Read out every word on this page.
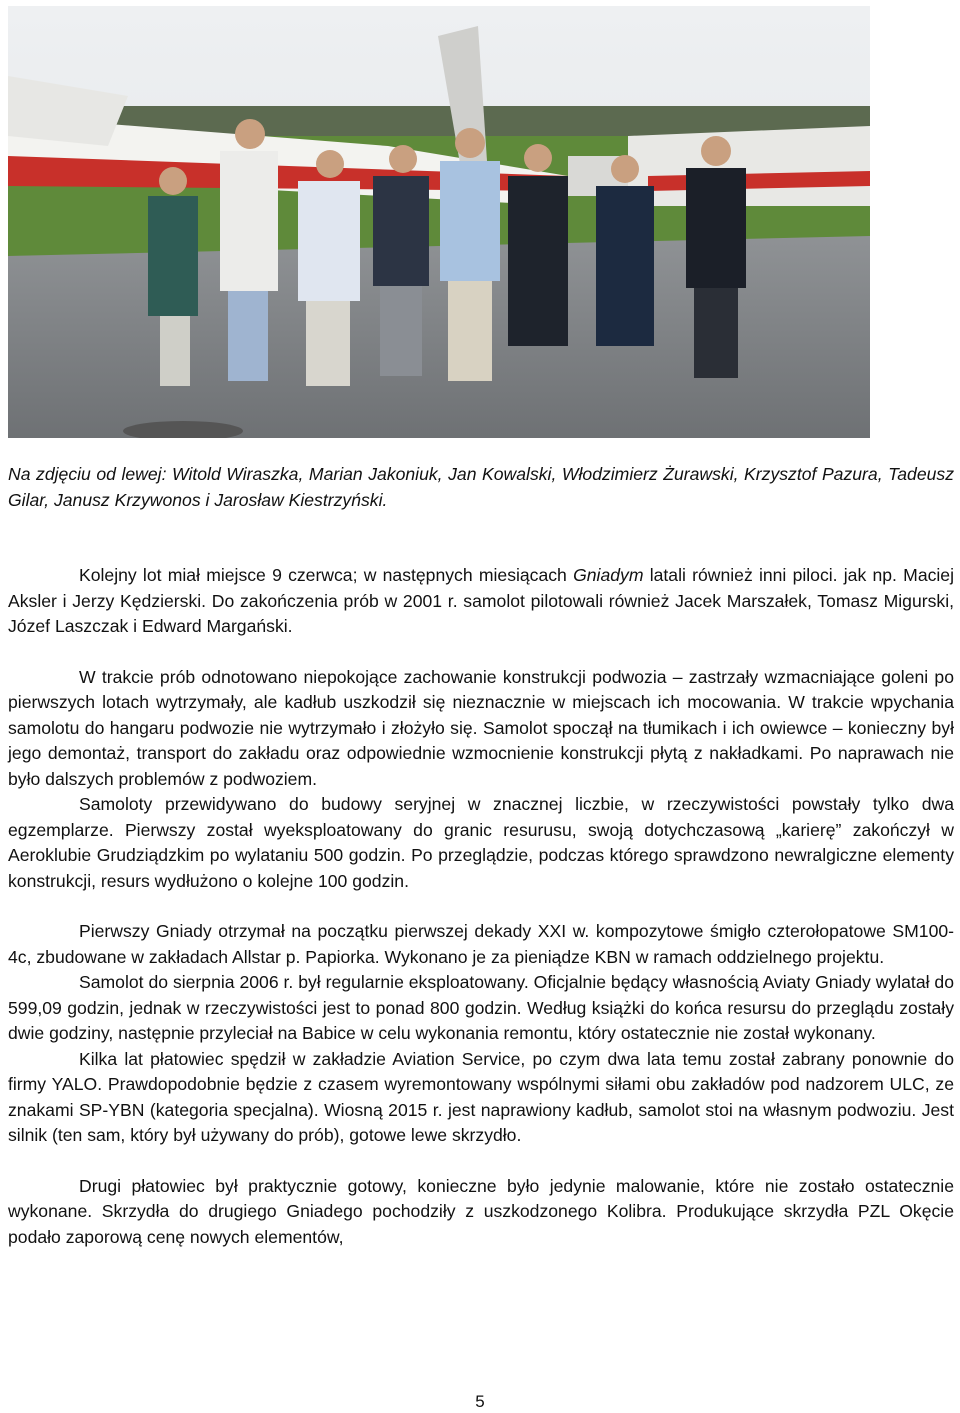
Na zdjęciu od lewej: Witold Wiraszka, Marian Jakoniuk, Jan Kowalski, Włodzimierz Żurawski, Krzysztof Pazura, Tadeusz Gilar, Janusz Krzywonos i Jarosław Kiestrzyński.

Kolejny lot miał miejsce 9 czerwca; w następnych miesiącach Gniadym latali również inni piloci. jak np. Maciej Aksler i Jerzy Kędzierski. Do zakończenia prób w 2001 r. samolot pilotowali również Jacek Marszałek, Tomasz Migurski, Józef Laszczak i Edward Margański.

W trakcie prób odnotowano niepokojące zachowanie konstrukcji podwozia – zastrzały wzmacniające goleni po pierwszych lotach wytrzymały, ale kadłub uszkodził się nieznacznie w miejscach ich mocowania. W trakcie wpychania samolotu do hangaru podwozie nie wytrzymało i złożyło się. Samolot spoczął na tłumikach i ich owiewce – konieczny był jego demontaż, transport do zakładu oraz odpowiednie wzmocnienie konstrukcji płytą z nakładkami. Po naprawach nie było dalszych problemów z podwoziem.

Samoloty przewidywano do budowy seryjnej w znacznej liczbie, w rzeczywistości powstały tylko dwa egzemplarze. Pierwszy został wyeksploatowany do granic resurusu, swoją dotychczasową „karierę” zakończył w Aeroklubie Grudziądzkim po wylataniu 500 godzin. Po przeglądzie, podczas którego sprawdzono newralgiczne elementy konstrukcji, resurs wydłużono o kolejne 100 godzin.

Pierwszy Gniady otrzymał na początku pierwszej dekady XXI w. kompozytowe śmigło czterołopatowe SM100-4c, zbudowane w zakładach Allstar p. Papiorka. Wykonano je za pieniądze KBN w ramach oddzielnego projektu.

Samolot do sierpnia 2006 r. był regularnie eksploatowany. Oficjalnie będący własnością Aviaty Gniady wylatał do 599,09 godzin, jednak w rzeczywistości jest to ponad 800 godzin. Według książki do końca resursu do przeglądu zostały dwie godziny, następnie przyleciał na Babice w celu wykonania remontu, który ostatecznie nie został wykonany.

Kilka lat płatowiec spędził w zakładzie Aviation Service, po czym dwa lata temu został zabrany ponownie do firmy YALO. Prawdopodobnie będzie z czasem wyremontowany wspólnymi siłami obu zakładów pod nadzorem ULC, ze znakami SP-YBN (kategoria specjalna). Wiosną 2015 r. jest naprawiony kadłub, samolot stoi na własnym podwoziu. Jest silnik (ten sam, który był używany do prób), gotowe lewe skrzydło.

Drugi płatowiec był praktycznie gotowy, konieczne było jedynie malowanie, które nie zostało ostatecznie wykonane. Skrzydła do drugiego Gniadego pochodziły z uszkodzonego Kolibra. Produkujące skrzydła PZL Okęcie podało zaporową cenę nowych elementów,

5
